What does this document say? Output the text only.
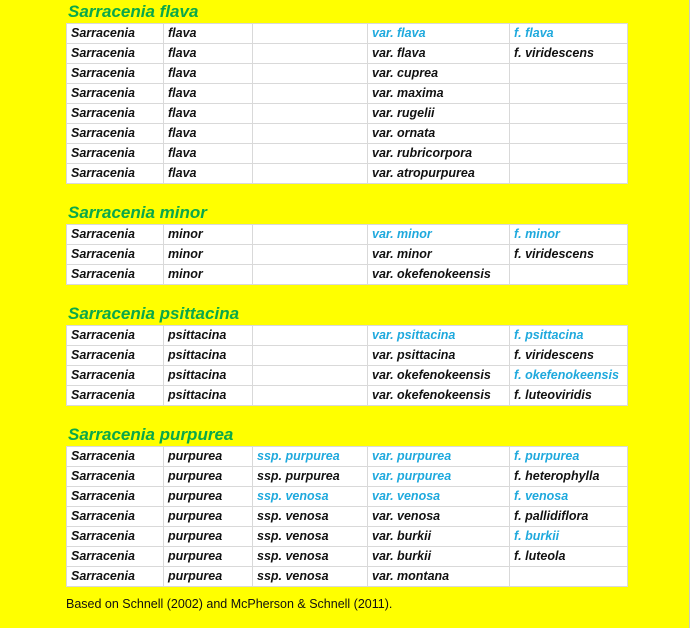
Sarracenia flava
Sarracenia	flava		var. flava	f. flava
Sarracenia	flava		var. flava	f. viridescens
Sarracenia	flava		var. cuprea	
Sarracenia	flava		var. maxima	
Sarracenia	flava		var. rugelii	
Sarracenia	flava		var. ornata	
Sarracenia	flava		var. rubricorpora	
Sarracenia	flava		var. atropurpurea	
Sarracenia minor
Sarracenia	minor		var. minor	f. minor
Sarracenia	minor		var. minor	f. viridescens
Sarracenia	minor		var. okefenokeensis	
Sarracenia psittacina
Sarracenia	psittacina		var. psittacina	f. psittacina
Sarracenia	psittacina		var. psittacina	f. viridescens
Sarracenia	psittacina		var. okefenokeensis	f. okefenokeensis
Sarracenia	psittacina		var. okefenokeensis	f. luteoviridis
Sarracenia purpurea
Sarracenia	purpurea	ssp. purpurea	var. purpurea	f. purpurea
Sarracenia	purpurea	ssp. purpurea	var. purpurea	f. heterophylla
Sarracenia	purpurea	ssp. venosa	var. venosa	f. venosa
Sarracenia	purpurea	ssp. venosa	var. venosa	f. pallidiflora
Sarracenia	purpurea	ssp. venosa	var. burkii	f. burkii
Sarracenia	purpurea	ssp. venosa	var. burkii	f. luteola
Sarracenia	purpurea	ssp. venosa	var. montana	
Based on Schnell (2002) and McPherson & Schnell (2011).
